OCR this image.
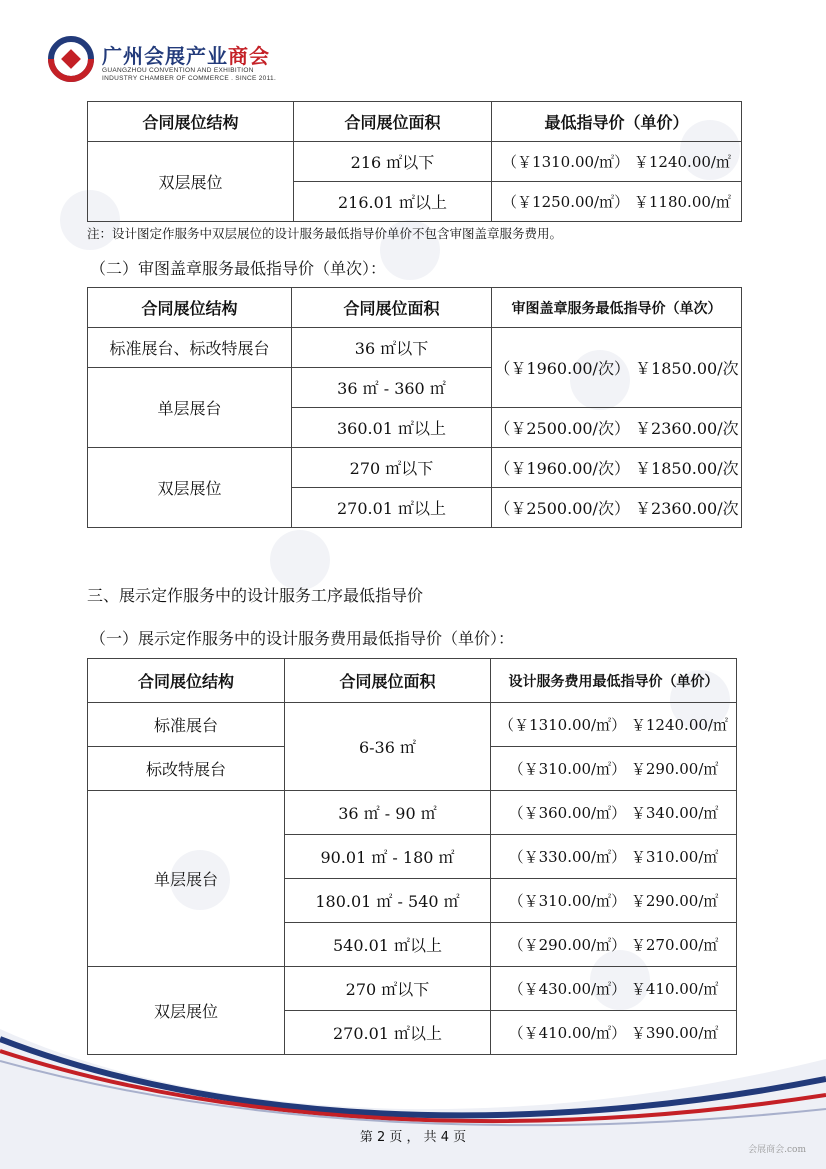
广州会展产业商会
GUANGZHOU CONVENTION AND EXHIBITION
INDUSTRY CHAMBER OF COMMERCE . SINCE 2011.
合同展位结构	合同展位面积	最低指导价（单价）
双层展位	216 ㎡以下	（￥1310.00/㎡） ￥1240.00/㎡
	216.01 ㎡以上	（￥1250.00/㎡） ￥1180.00/㎡
注：设计图定作服务中双层展位的设计服务最低指导价单价不包含审图盖章服务费用。
（二）审图盖章服务最低指导价（单次）：
合同展位结构	合同展位面积	审图盖章服务最低指导价（单次）
标准展台、标改特展台	36 ㎡以下	（￥1960.00/次） ￥1850.00/次
单层展台	36 ㎡ - 360 ㎡	
	360.01 ㎡以上	（￥2500.00/次） ￥2360.00/次
双层展位	270 ㎡以下	（￥1960.00/次） ￥1850.00/次
	270.01 ㎡以上	（￥2500.00/次） ￥2360.00/次
三、展示定作服务中的设计服务工序最低指导价
（一）展示定作服务中的设计服务费用最低指导价（单价）：
合同展位结构	合同展位面积	设计服务费用最低指导价（单价）
标准展台	6-36 ㎡	（￥1310.00/㎡） ￥1240.00/㎡
标改特展台		（￥310.00/㎡） ￥290.00/㎡
单层展台	36 ㎡ - 90 ㎡	（￥360.00/㎡） ￥340.00/㎡
	90.01 ㎡ - 180 ㎡	（￥330.00/㎡） ￥310.00/㎡
	180.01 ㎡ - 540 ㎡	（￥310.00/㎡） ￥290.00/㎡
	540.01 ㎡以上	（￥290.00/㎡） ￥270.00/㎡
双层展位	270 ㎡以下	（￥430.00/㎡） ￥410.00/㎡
	270.01 ㎡以上	（￥410.00/㎡） ￥390.00/㎡
第 2 页 ， 共 4 页
会展商会.com
